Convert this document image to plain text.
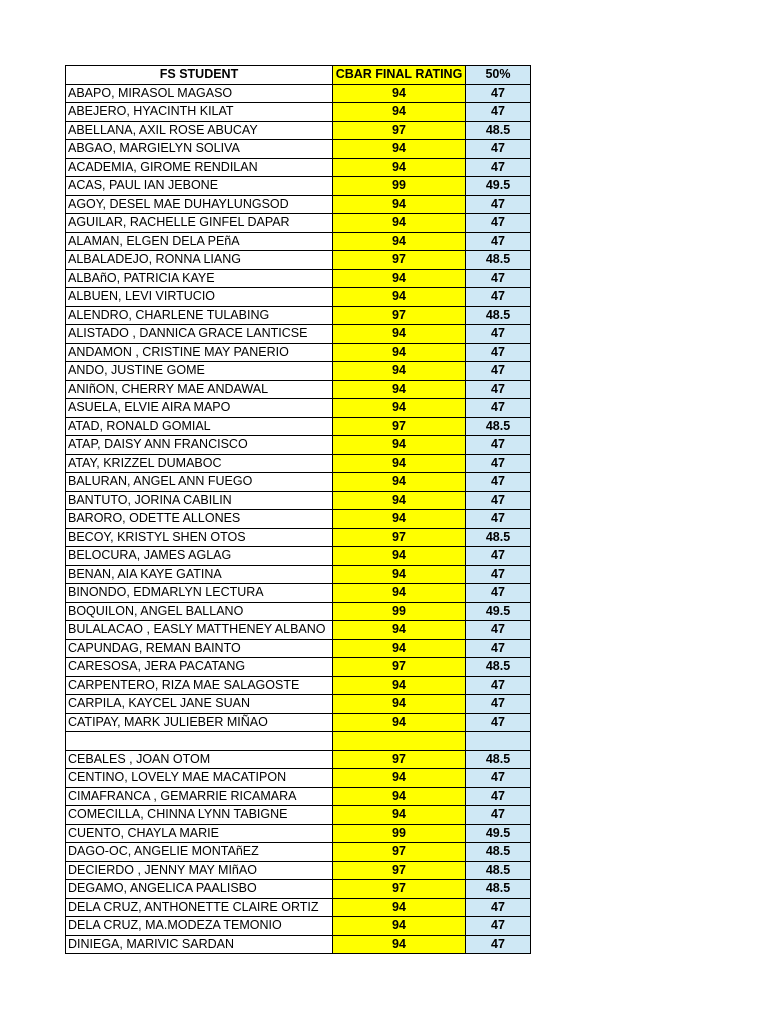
FS STUDENT	CBAR FINAL RATING	50%
ABAPO, MIRASOL MAGASO	94	47
ABEJERO, HYACINTH KILAT	94	47
ABELLANA, AXIL ROSE ABUCAY	97	48.5
ABGAO, MARGIELYN SOLIVA	94	47
ACADEMIA, GIROME RENDILAN	94	47
ACAS, PAUL IAN JEBONE	99	49.5
AGOY, DESEL MAE DUHAYLUNGSOD	94	47
AGUILAR, RACHELLE GINFEL DAPAR	94	47
ALAMAN, ELGEN DELA PEñA	94	47
ALBALADEJO, RONNA LIANG	97	48.5
ALBAñO, PATRICIA KAYE	94	47
ALBUEN, LEVI VIRTUCIO	94	47
ALENDRO, CHARLENE TULABING	97	48.5
ALISTADO , DANNICA GRACE LANTICSE	94	47
ANDAMON , CRISTINE MAY PANERIO	94	47
ANDO, JUSTINE GOME	94	47
ANIñON, CHERRY MAE ANDAWAL	94	47
ASUELA, ELVIE AIRA MAPO	94	47
ATAD, RONALD GOMIAL	97	48.5
ATAP, DAISY ANN FRANCISCO	94	47
ATAY, KRIZZEL DUMABOC	94	47
BALURAN, ANGEL ANN FUEGO	94	47
BANTUTO, JORINA CABILIN	94	47
BARORO, ODETTE ALLONES	94	47
BECOY, KRISTYL SHEN OTOS	97	48.5
BELOCURA, JAMES AGLAG	94	47
BENAN, AIA KAYE GATINA	94	47
BINONDO, EDMARLYN LECTURA	94	47
BOQUILON, ANGEL BALLANO	99	49.5
BULALACAO , EASLY MATTHENEY ALBANO	94	47
CAPUNDAG, REMAN BAINTO	94	47
CARESOSA, JERA PACATANG	97	48.5
CARPENTERO, RIZA MAE SALAGOSTE	94	47
CARPILA, KAYCEL JANE SUAN	94	47
CATIPAY, MARK JULIEBER MIÑAO	94	47

CEBALES , JOAN OTOM	97	48.5
CENTINO, LOVELY MAE MACATIPON	94	47
CIMAFRANCA , GEMARRIE RICAMARA	94	47
COMECILLA, CHINNA LYNN TABIGNE	94	47
CUENTO, CHAYLA MARIE	99	49.5
DAGO-OC, ANGELIE MONTAñEZ	97	48.5
DECIERDO , JENNY MAY MIñAO	97	48.5
DEGAMO, ANGELICA PAALISBO	97	48.5
DELA CRUZ, ANTHONETTE CLAIRE ORTIZ	94	47
DELA CRUZ, MA.MODEZA TEMONIO	94	47
DINIEGA, MARIVIC SARDAN	94	47
